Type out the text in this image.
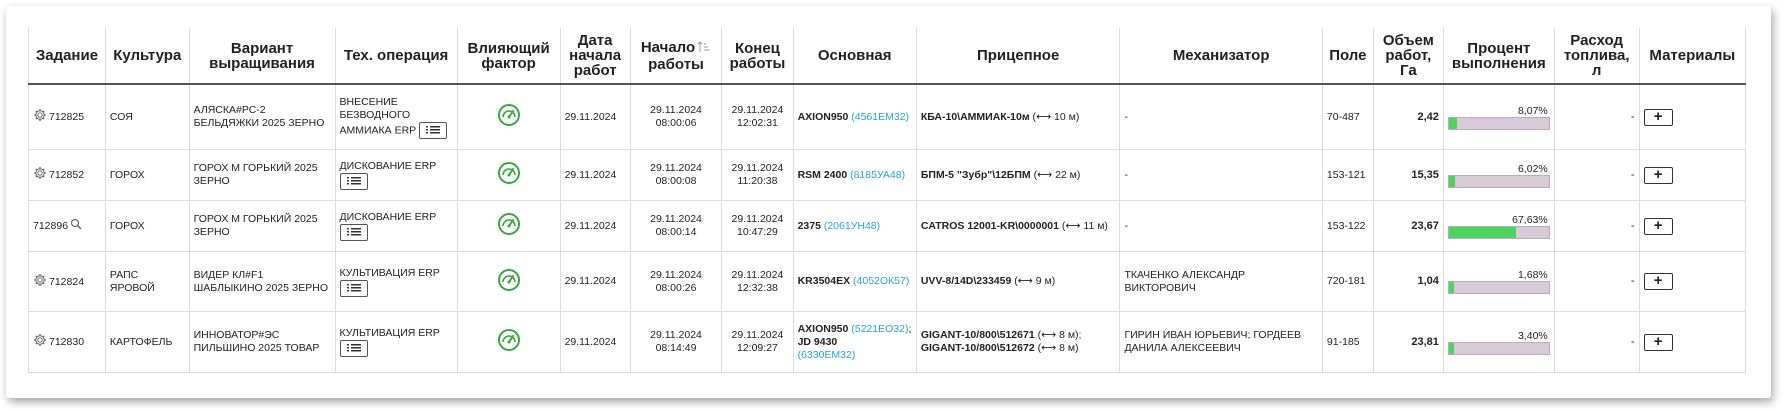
Задание	Культура	Вариант
выращивания	Тех. операция	Влияющий
фактор	Дата
начала
работ	Начало
работы	Конец
работы	Основная	Прицепное	Механизатор	Поле	Объем
работ,
Га	Процент
выполнения	Расход
топлива,
л	Материалы
712825	СОЯ	АЛЯСКА#РС-2 БЕЛЬДЯЖКИ 2025 ЗЕРНО	ВНЕСЕНИЕ БЕЗВОДНОГО АММИАКА ERP		29.11.2024	29.11.2024
08:00:06	29.11.2024
12:02:31	AXION950 (4561ЕМ32)	КБА-10\АММИАК-10м (⟷ 10 м)	-	70-487	2,42	8,07%	-	+
712852	ГОРОХ	ГОРОХ М ГОРЬКИЙ 2025 ЗЕРНО	ДИСКОВАНИЕ ERP		29.11.2024	29.11.2024
08:00:08	29.11.2024
11:20:38	RSM 2400 (8185УА48)	БПМ-5 "Зубр"\12БПМ (⟷ 22 м)	-	153-121	15,35	6,02%	-	+
712896	ГОРОХ	ГОРОХ М ГОРЬКИЙ 2025 ЗЕРНО	ДИСКОВАНИЕ ERP		29.11.2024	29.11.2024
08:00:14	29.11.2024
10:47:29	2375 (2061УН48)	CATROS 12001-KR\0000001 (⟷ 11 м)	-	153-122	23,67	67,63%	-	+
712824	РАПС ЯРОВОЙ	ВИДЕР КЛ#F1 ШАБЛЫКИНО 2025 ЗЕРНО	КУЛЬТИВАЦИЯ ERP		29.11.2024	29.11.2024
08:00:26	29.11.2024
12:32:38	KR3504EX (4052ОК57)	UVV-8/14D\233459 (⟷ 9 м)	ТКАЧЕНКО АЛЕКСАНДР ВИКТОРОВИЧ	720-181	1,04	1,68%	-	+
712830	КАРТОФЕЛЬ	ИННОВАТОР#ЭС ПИЛЬШИНО 2025 ТОВАР	КУЛЬТИВАЦИЯ ERP		29.11.2024	29.11.2024
08:14:49	29.11.2024
12:09:27	AXION950 (5221ЕО32); JD 9430
(6330ЕМ32)	GIGANT-10/800\512671 (⟷ 8 м);
GIGANT-10/800\512672 (⟷ 8 м)	ГИРИН ИВАН ЮРЬЕВИЧ; ГОРДЕЕВ ДАНИЛА АЛЕКСЕЕВИЧ	91-185	23,81	3,40%	-	+
